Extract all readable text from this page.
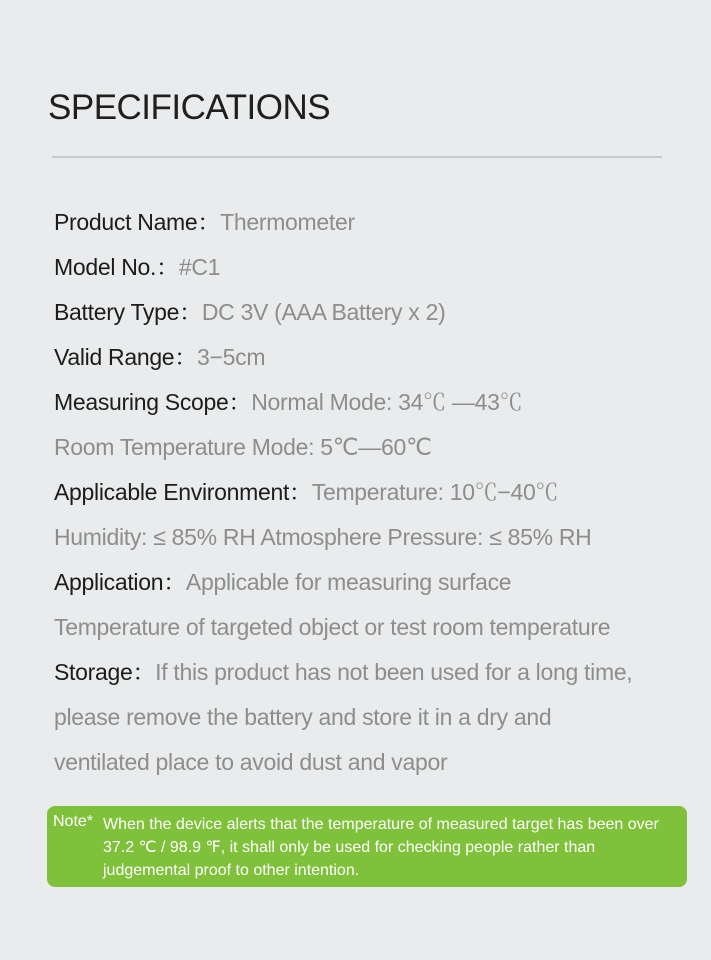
SPECIFICATIONS
Product Name：Thermometer
Model No.：#C1
Battery Type：DC 3V (AAA Battery x 2)
Valid Range：3−5cm
Measuring Scope：Normal Mode: 34℃ —43℃
Room Temperature Mode: 5℃—60℃
Applicable Environment：Temperature: 10℃−40℃
Humidity: ≤ 85% RH Atmosphere Pressure: ≤ 85% RH
Application：Applicable for measuring surface
Temperature of targeted object or test room temperature
Storage：If this product has not been used for a long time,
please remove the battery and store it in a dry and
ventilated place to avoid dust and vapor
Note* When the device alerts that the temperature of measured target has been over 37.2 ℃ / 98.9 ℉, it shall only be used for checking people rather than judgemental proof to other intention.
